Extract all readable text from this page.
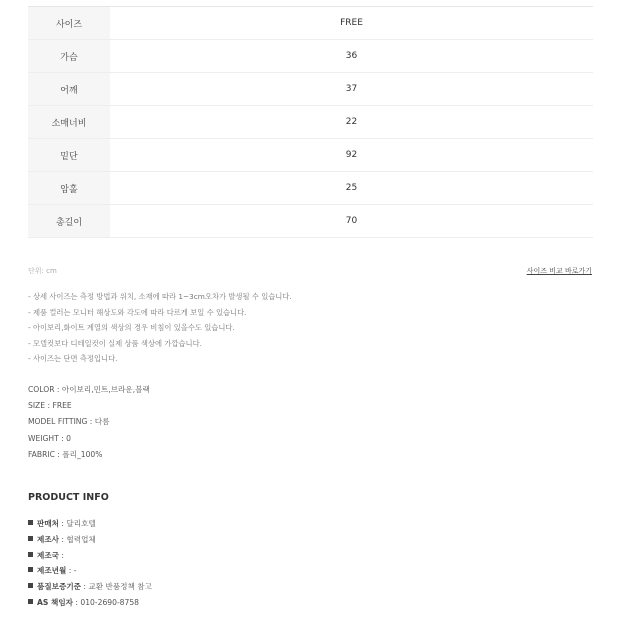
사이즈	FREE
가슴	36
어깨	37
소매너비	22
밑단	92
암홀	25
총길이	70
단위: cm	사이즈 비교 바로가기
- 상세 사이즈는 측정 방법과 위치, 소재에 따라 1~3cm오차가 발생될 수 있습니다.
- 제품 컬러는 모니터 해상도와 각도에 따라 다르게 보일 수 있습니다.
- 아이보리,화이트 계열의 색상의 경우 비침이 있을수도 있습니다.
- 모델컷보다 디테일컷이 실제 상품 색상에 가깝습니다.
- 사이즈는 단면 측정입니다.
COLOR : 아이보리,민트,브라운,블랙
SIZE : FREE
MODEL FITTING : 다름
WEIGHT : 0
FABRIC : 폴리_100%
PRODUCT INFO
판매처 : 달리호텔
제조사 : 협력업체
제조국 :
제조년월 : -
품질보증기준 : 교환 반품정책 참고
AS 책임자 : 010-2690-8758
